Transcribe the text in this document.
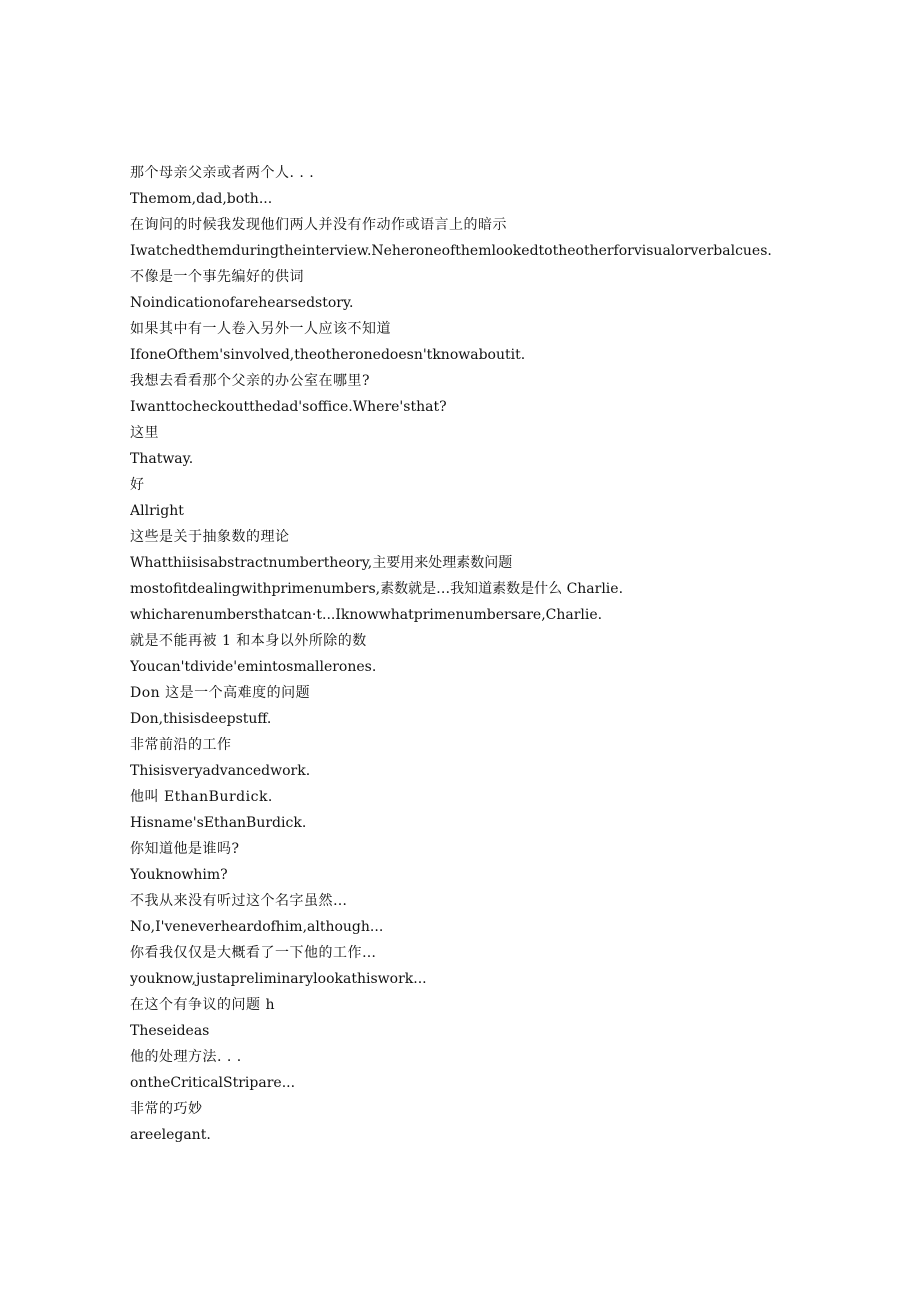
那个母亲父亲或者两个人. . .
Themom,dad,both...
在询问的时候我发现他们两人并没有作动作或语言上的暗示
Iwatchedthemduringtheinterview.Neheroneofthemlookedtotheotherforvisualorverbalcues.
不像是一个事先编好的供词
Noindicationofarehearsedstory.
如果其中有一人卷入另外一人应该不知道
IfoneOfthem'sinvolved,theotheronedoesn'tknowaboutit.
我想去看看那个父亲的办公室在哪里?
Iwanttocheckoutthedad'soffice.Where'sthat?
这里
Thatway.
好
Allright
这些是关于抽象数的理论
Whatthiisisabstractnumbertheory,主要用来处理素数问题
mostofitdealingwithprimenumbers,素数就是…我知道素数是什么 Charlie.
whicharenumbersthatcan·t...Iknowwhatprimenumbersare,Charlie.
就是不能再被 1 和本身以外所除的数
Youcan'tdivide'emintosmallerones.
Don 这是一个高难度的问题
Don,thisisdeepstuff.
非常前沿的工作
Thisisveryadvancedwork.
他叫 EthanBurdick.
Hisname'sEthanBurdick.
你知道他是谁吗?
Youknowhim?
不我从来没有听过这个名字虽然…
No,I'veneverheardofhim,although...
你看我仅仅是大概看了一下他的工作…
youknow,justapreliminarylookathiswork...
在这个有争议的问题 h
Theseideas
他的处理方法. . .
ontheCriticalStripare...
非常的巧妙
areelegant.
